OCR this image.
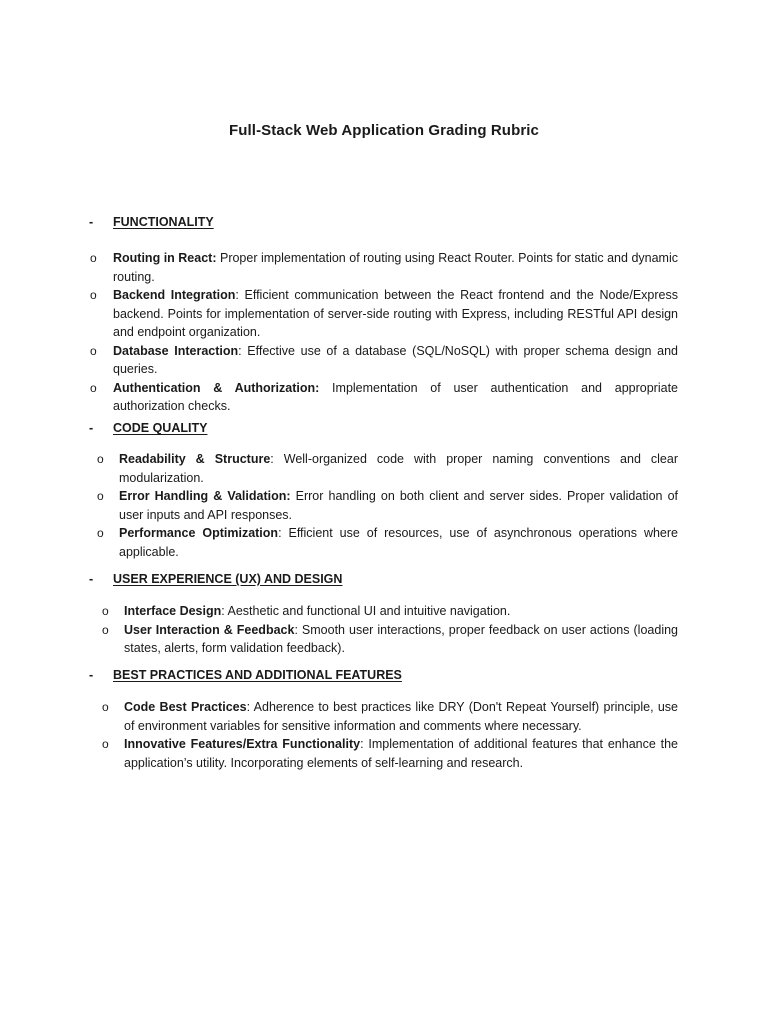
Full-Stack Web Application Grading Rubric
- FUNCTIONALITY
o Routing in React: Proper implementation of routing using React Router. Points for static and dynamic routing.
o Backend Integration: Efficient communication between the React frontend and the Node/Express backend. Points for implementation of server-side routing with Express, including RESTful API design and endpoint organization.
o Database Interaction: Effective use of a database (SQL/NoSQL) with proper schema design and queries.
o Authentication & Authorization: Implementation of user authentication and appropriate authorization checks.
- CODE QUALITY
o Readability & Structure: Well-organized code with proper naming conventions and clear modularization.
o Error Handling & Validation: Error handling on both client and server sides. Proper validation of user inputs and API responses.
o Performance Optimization: Efficient use of resources, use of asynchronous operations where applicable.
- USER EXPERIENCE (UX) AND DESIGN
o Interface Design: Aesthetic and functional UI and intuitive navigation.
o User Interaction & Feedback: Smooth user interactions, proper feedback on user actions (loading states, alerts, form validation feedback).
- BEST PRACTICES AND ADDITIONAL FEATURES
o Code Best Practices: Adherence to best practices like DRY (Don't Repeat Yourself) principle, use of environment variables for sensitive information and comments where necessary.
o Innovative Features/Extra Functionality: Implementation of additional features that enhance the application’s utility. Incorporating elements of self-learning and research.
